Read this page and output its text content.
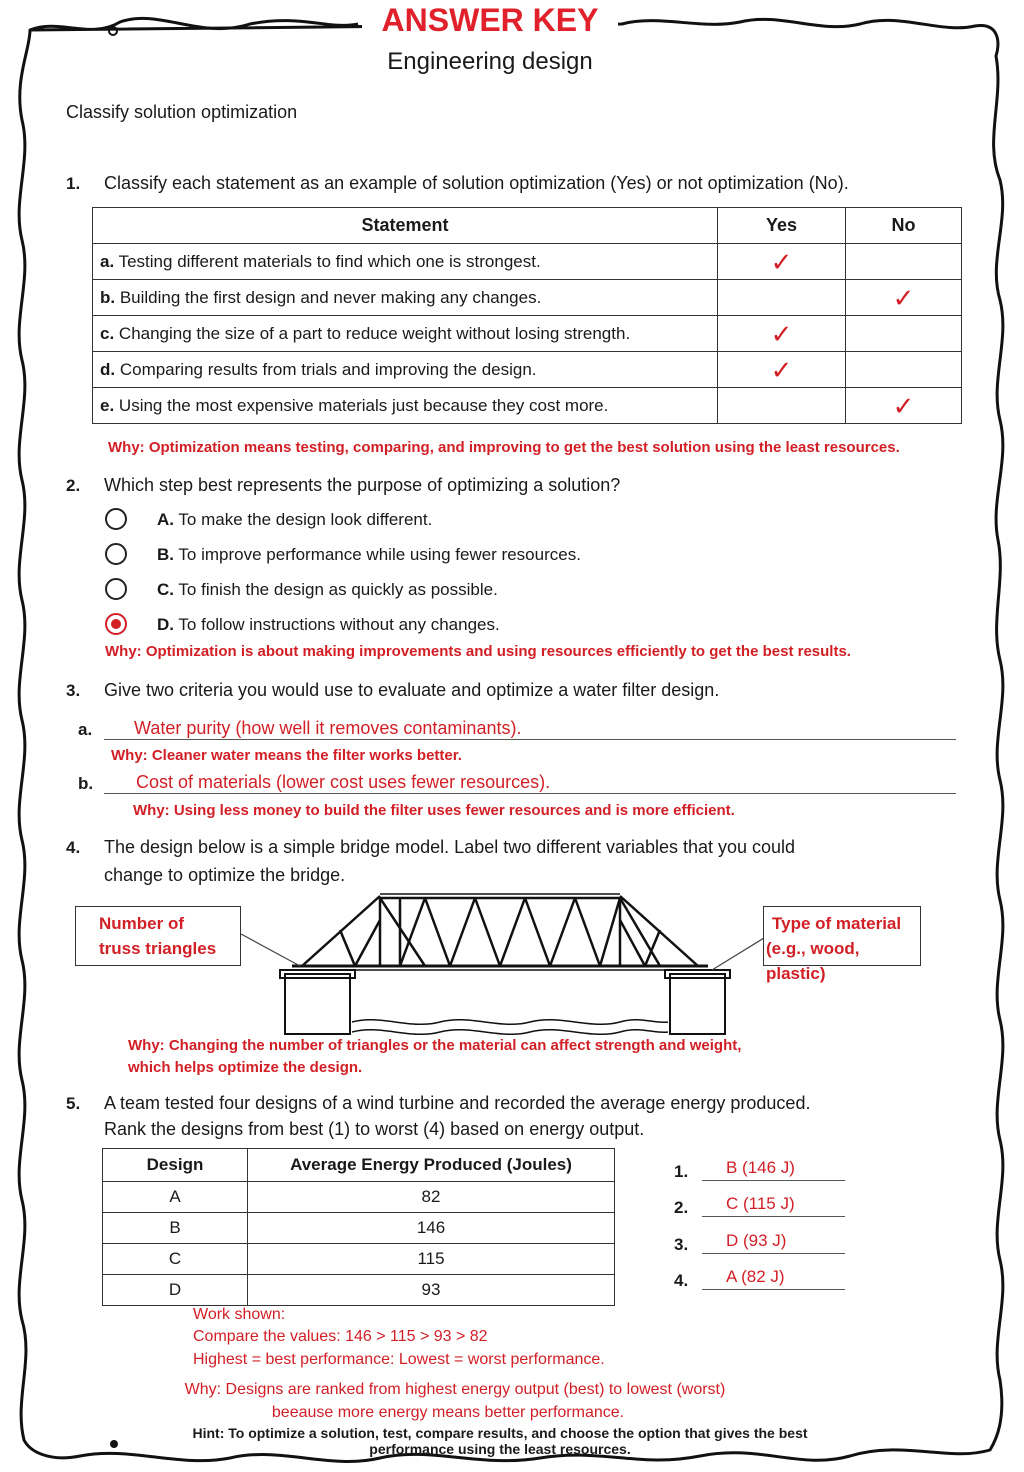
ANSWER KEY
Engineering design
Classify solution optimization
1. Classify each statement as an example of solution optimization (Yes) or not optimization (No).
Statement	Yes	No
a. Testing different materials to find which one is strongest.	✓	
b. Building the first design and never making any changes.		✓
c. Changing the size of a part to reduce weight without losing strength.	✓	
d. Comparing results from trials and improving the design.	✓	
e. Using the most expensive materials just because they cost more.		✓
Why: Optimization means testing, comparing, and improving to get the best solution using the least resources.
2. Which step best represents the purpose of optimizing a solution?
A. To make the design look different.
B. To improve performance while using fewer resources.
C. To finish the design as quickly as possible.
D. To follow instructions without any changes.
Why: Optimization is about making improvements and using resources efficiently to get the best results.
3. Give two criteria you would use to evaluate and optimize a water filter design.
a. Water purity (how well it removes contaminants).
Why: Cleaner water means the filter works better.
b. Cost of materials (lower cost uses fewer resources).
Why: Using less money to build the filter uses fewer resources and is more efficient.
4. The design below is a simple bridge model. Label two different variables that you could
change to optimize the bridge.
Number of
truss triangles
Type of material
(e.g., wood, plastic)
Why: Changing the number of triangles or the material can affect strength and weight,
which helps optimize the design.
5. A team tested four designs of a wind turbine and recorded the average energy produced.
Rank the designs from best (1) to worst (4) based on energy output.
Design	Average Energy Produced (Joules)
A	82
B	146
C	115
D	93
1. B (146 J)
2. C (115 J)
3. D (93 J)
4. A (82 J)
Work shown:
Compare the values: 146 > 115 > 93 > 82
Highest = best performance: Lowest = worst performance.
Why: Designs are ranked from highest energy output (best) to lowest (worst)
beeause more energy means better performance.
Hint: To optimize a solution, test, compare results, and choose the option that gives the best
performance using the least resources.
